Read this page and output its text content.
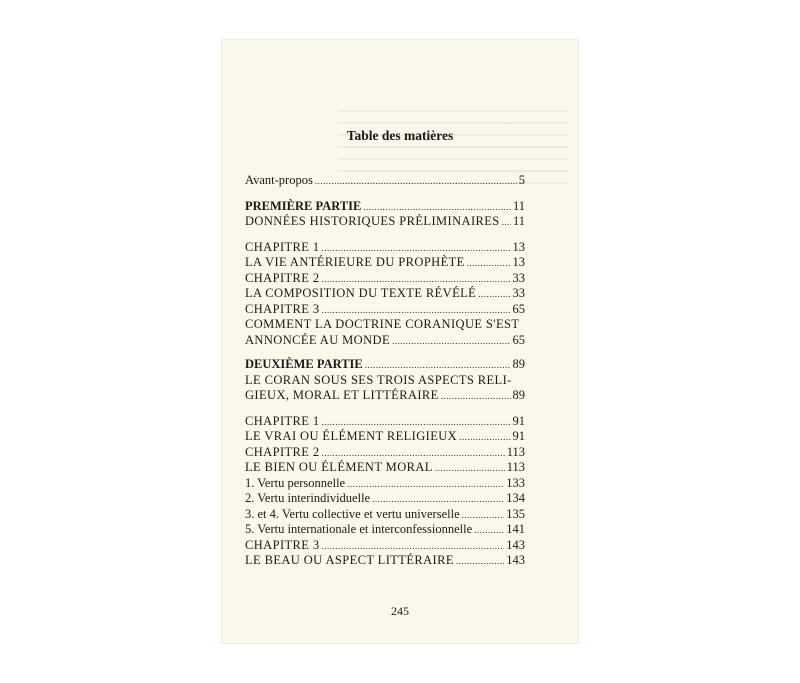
Table des matières
Avant-propos .....	5
PREMIÈRE PARTIE .....	11
DONNÉES HISTORIQUES PRÉLIMINAIRES ..... 11
CHAPITRE 1 .....	13
LA VIE ANTÉRIEURE DU PROPHÈTE .....	13
CHAPITRE 2 .....	33
LA COMPOSITION DU TEXTE RÉVÉLÉ .....	33
CHAPITRE 3 .....	65
COMMENT LA DOCTRINE CORANIQUE S'EST
ANNONCÉE AU MONDE .....	65
DEUXIÈME PARTIE .....	89
LE CORAN SOUS SES TROIS ASPECTS RELI-
GIEUX, MORAL ET LITTÉRAIRE .....	89
CHAPITRE 1 .....	91
LE VRAI OU ÉLÉMENT RELIGIEUX .....	91
CHAPITRE 2 .....	113
LE BIEN OU ÉLÉMENT MORAL .....	113
1. Vertu personnelle .....	133
2. Vertu interindividuelle .....	134
3. et 4. Vertu collective et vertu universelle .....	135
5. Vertu internationale et interconfessionnelle .....	141
CHAPITRE 3 .....	143
LE BEAU OU ASPECT LITTÉRAIRE .....	143
245
